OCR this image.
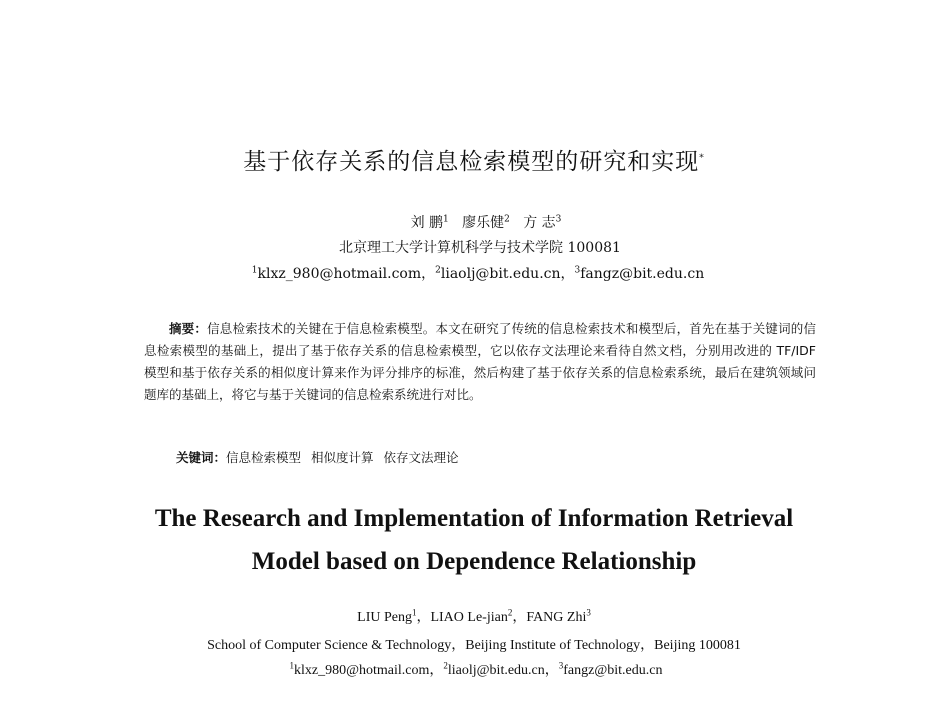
基于依存关系的信息检索模型的研究和实现*
刘 鹏$^1$ 廖乐健$^2$ 方 志$^3$
北京理工大学计算机科学与技术学院 100081
$^1$klxz_980@hotmail.com，$^2$liaolj@bit.edu.cn，$^3$fangz@bit.edu.cn
摘要：信息检索技术的关键在于信息检索模型。本文在研究了传统的信息检索技术和模型后，首先在基于关键词的信息检索模型的基础上，提出了基于依存关系的信息检索模型，它以依存文法理论来看待自然文档，分别用改进的 TF/IDF 模型和基于依存关系的相似度计算来作为评分排序的标准，然后构建了基于依存关系的信息检索系统，最后在建筑领域问题库的基础上，将它与基于关键词的信息检索系统进行对比。
关键词：信息检索模型 相似度计算 依存文法理论
The Research and Implementation of Information Retrieval
Model based on Dependence Relationship
LIU Peng$^1$，LIAO Le-jian$^2$，FANG Zhi$^3$
School of Computer Science & Technology，Beijing Institute of Technology，Beijing 100081
$^1$klxz_980@hotmail.com，$^2$liaolj@bit.edu.cn，$^3$fangz@bit.edu.cn
